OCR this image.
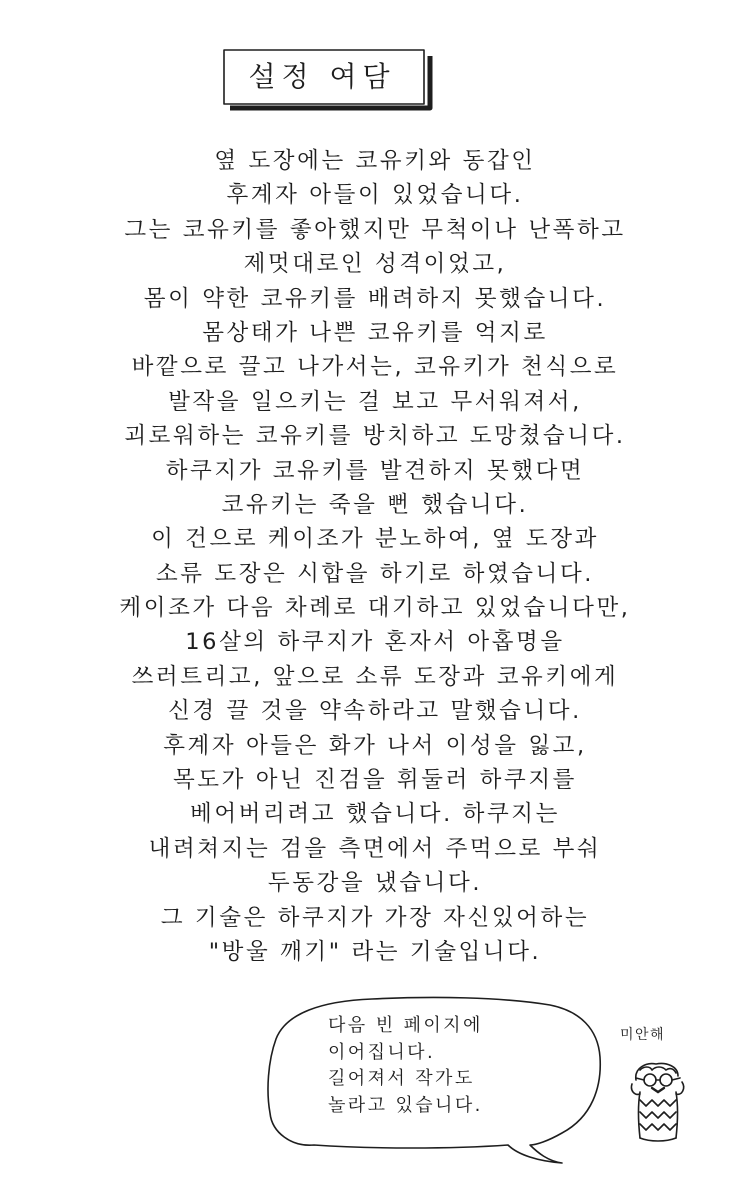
설정 여담
옆 도장에는 코유키와 동갑인
후계자 아들이 있었습니다.
그는 코유키를 좋아했지만 무척이나 난폭하고
제멋대로인 성격이었고,
몸이 약한 코유키를 배려하지 못했습니다.
몸상태가 나쁜 코유키를 억지로
바깥으로 끌고 나가서는, 코유키가 천식으로
발작을 일으키는 걸 보고 무서워져서,
괴로워하는 코유키를 방치하고 도망쳤습니다.
하쿠지가 코유키를 발견하지 못했다면
코유키는 죽을 뻔 했습니다.
이 건으로 케이조가 분노하여, 옆 도장과
소류 도장은 시합을 하기로 하였습니다.
케이조가 다음 차례로 대기하고 있었습니다만,
16살의 하쿠지가 혼자서 아홉명을
쓰러트리고, 앞으로 소류 도장과 코유키에게
신경 끌 것을 약속하라고 말했습니다.
후계자 아들은 화가 나서 이성을 잃고,
목도가 아닌 진검을 휘둘러 하쿠지를
베어버리려고 했습니다. 하쿠지는
내려쳐지는 검을 측면에서 주먹으로 부숴
두동강을 냈습니다.
그 기술은 하쿠지가 가장 자신있어하는
"방울 깨기" 라는 기술입니다.
다음 빈 페이지에
이어집니다.
길어져서 작가도
놀라고 있습니다.
미안해
